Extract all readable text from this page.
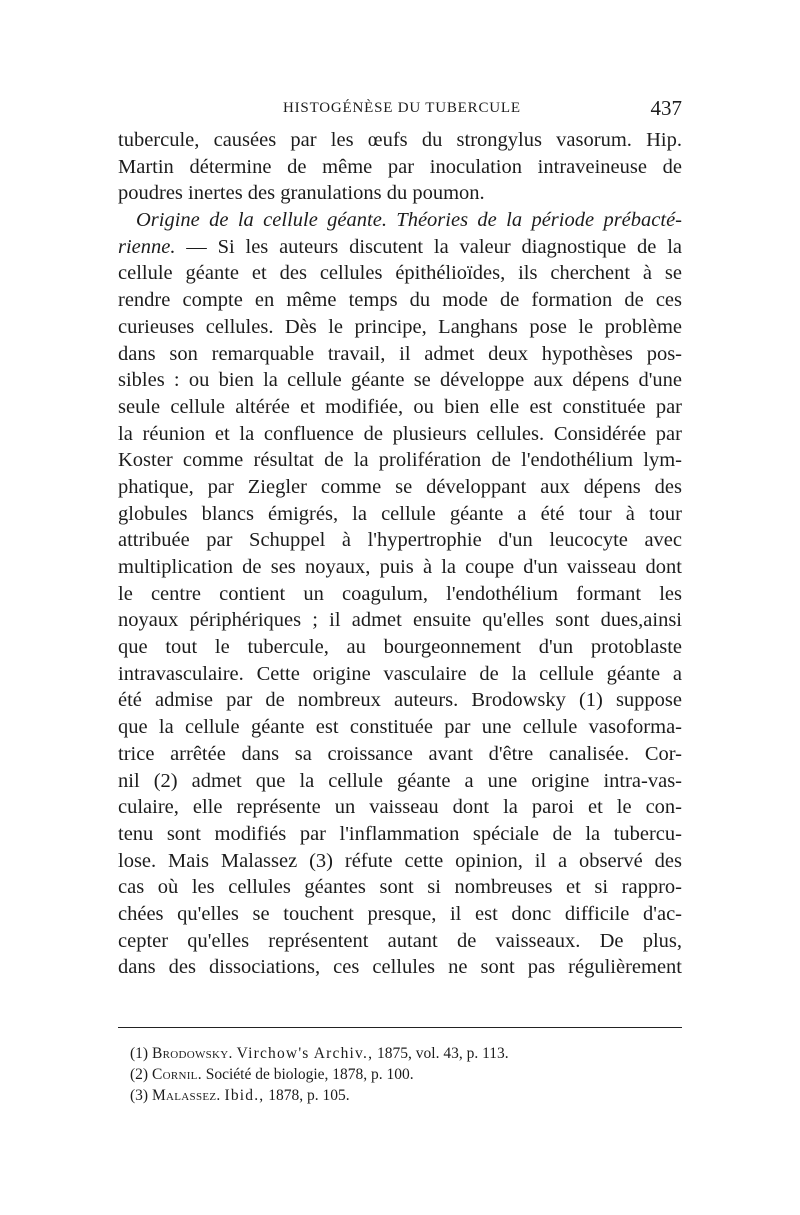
HISTOGÉNÈSE DU TUBERCULE	437
tubercule, causées par les œufs du strongylus vasorum. Hip.
Martin détermine de même par inoculation intraveineuse de
poudres inertes des granulations du poumon.
Origine de la cellule géante. Théories de la période prébacté-
rienne. — Si les auteurs discutent la valeur diagnostique de la
cellule géante et des cellules épithélioïdes, ils cherchent à se
rendre compte en même temps du mode de formation de ces
curieuses cellules. Dès le principe, Langhans pose le problème
dans son remarquable travail, il admet deux hypothèses pos-
sibles : ou bien la cellule géante se développe aux dépens d'une
seule cellule altérée et modifiée, ou bien elle est constituée par
la réunion et la confluence de plusieurs cellules. Considérée par
Koster comme résultat de la prolifération de l'endothélium lym-
phatique, par Ziegler comme se développant aux dépens des
globules blancs émigrés, la cellule géante a été tour à tour
attribuée par Schuppel à l'hypertrophie d'un leucocyte avec
multiplication de ses noyaux, puis à la coupe d'un vaisseau dont
le centre contient un coagulum, l'endothélium formant les
noyaux périphériques ; il admet ensuite qu'elles sont dues,ainsi
que tout le tubercule, au bourgeonnement d'un protoblaste
intravasculaire. Cette origine vasculaire de la cellule géante a
été admise par de nombreux auteurs. Brodowsky (1) suppose
que la cellule géante est constituée par une cellule vasoforma-
trice arrêtée dans sa croissance avant d'être canalisée. Cor-
nil (2) admet que la cellule géante a une origine intra-vas-
culaire, elle représente un vaisseau dont la paroi et le con-
tenu sont modifiés par l'inflammation spéciale de la tubercu-
lose. Mais Malassez (3) réfute cette opinion, il a observé des
cas où les cellules géantes sont si nombreuses et si rappro-
chées qu'elles se touchent presque, il est donc difficile d'ac-
cepter qu'elles représentent autant de vaisseaux. De plus,
dans des dissociations, ces cellules ne sont pas régulièrement
(1) Brodowsky. Virchow's Archiv., 1875, vol. 43, p. 113.
(2) Cornil. Société de biologie, 1878, p. 100.
(3) Malassez. Ibid., 1878, p. 105.
